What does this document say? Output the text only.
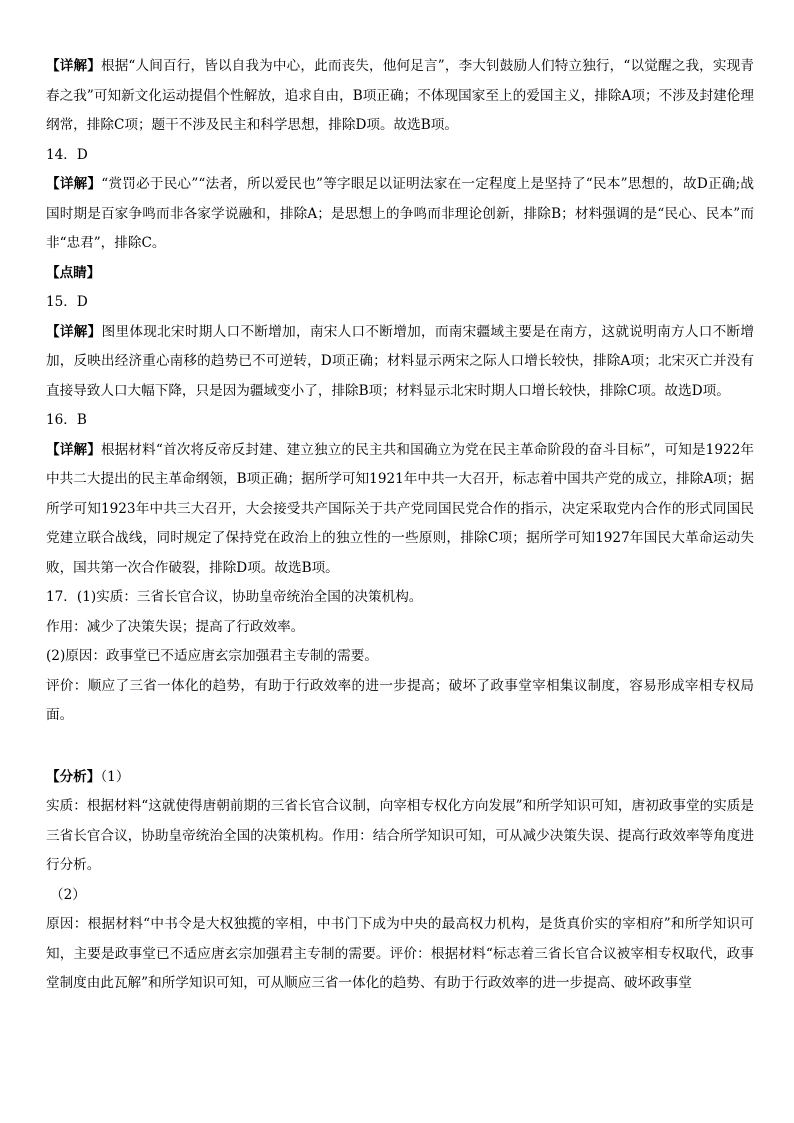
【详解】根据“人间百行，皆以自我为中心，此而丧失，他何足言”，李大钊鼓励人们特立独行，“以觉醒之我，实现青春之我”可知新文化运动提倡个性解放，追求自由，B项正确；不体现国家至上的爱国主义，排除A项；不涉及封建伦理纲常，排除C项；题干不涉及民主和科学思想，排除D项。故选B项。

14．D

【详解】“赏罚必于民心”“法者，所以爱民也”等字眼足以证明法家在一定程度上是坚持了“民本”思想的，故D正确;战国时期是百家争鸣而非各家学说融和，排除A；是思想上的争鸣而非理论创新，排除B；材料强调的是“民心、民本”而非“忠君”，排除C。

【点睛】

15．D

【详解】图里体现北宋时期人口不断增加，南宋人口不断增加，而南宋疆域主要是在南方，这就说明南方人口不断增加，反映出经济重心南移的趋势已不可逆转，D项正确；材料显示两宋之际人口增长较快，排除A项；北宋灭亡并没有直接导致人口大幅下降，只是因为疆域变小了，排除B项；材料显示北宋时期人口增长较快，排除C项。故选D项。

16．B

【详解】根据材料“首次将反帝反封建、建立独立的民主共和国确立为党在民主革命阶段的奋斗目标”，可知是1922年中共二大提出的民主革命纲领，B项正确；据所学可知1921年中共一大召开，标志着中国共产党的成立，排除A项；据所学可知1923年中共三大召开，大会接受共产国际关于共产党同国民党合作的指示，决定采取党内合作的形式同国民党建立联合战线，同时规定了保持党在政治上的独立性的一些原则，排除C项；据所学可知1927年国民大革命运动失败，国共第一次合作破裂，排除D项。故选B项。

17．(1)实质：三省长官合议，协助皇帝统治全国的决策机构。

作用：减少了决策失误；提高了行政效率。

(2)原因：政事堂已不适应唐玄宗加强君主专制的需要。

评价：顺应了三省一体化的趋势，有助于行政效率的进一步提高；破坏了政事堂宰相集议制度，容易形成宰相专权局面。

【分析】（1）

实质：根据材料“这就使得唐朝前期的三省长官合议制，向宰相专权化方向发展”和所学知识可知，唐初政事堂的实质是三省长官合议，协助皇帝统治全国的决策机构。作用：结合所学知识可知，可从减少决策失误、提高行政效率等角度进行分析。

（2）

原因：根据材料“中书令是大权独揽的宰相，中书门下成为中央的最高权力机构，是货真价实的宰相府”和所学知识可知，主要是政事堂已不适应唐玄宗加强君主专制的需要。评价：根据材料“标志着三省长官合议被宰相专权取代，政事堂制度由此瓦解”和所学知识可知，可从顺应三省一体化的趋势、有助于行政效率的进一步提高、破坏政事堂
